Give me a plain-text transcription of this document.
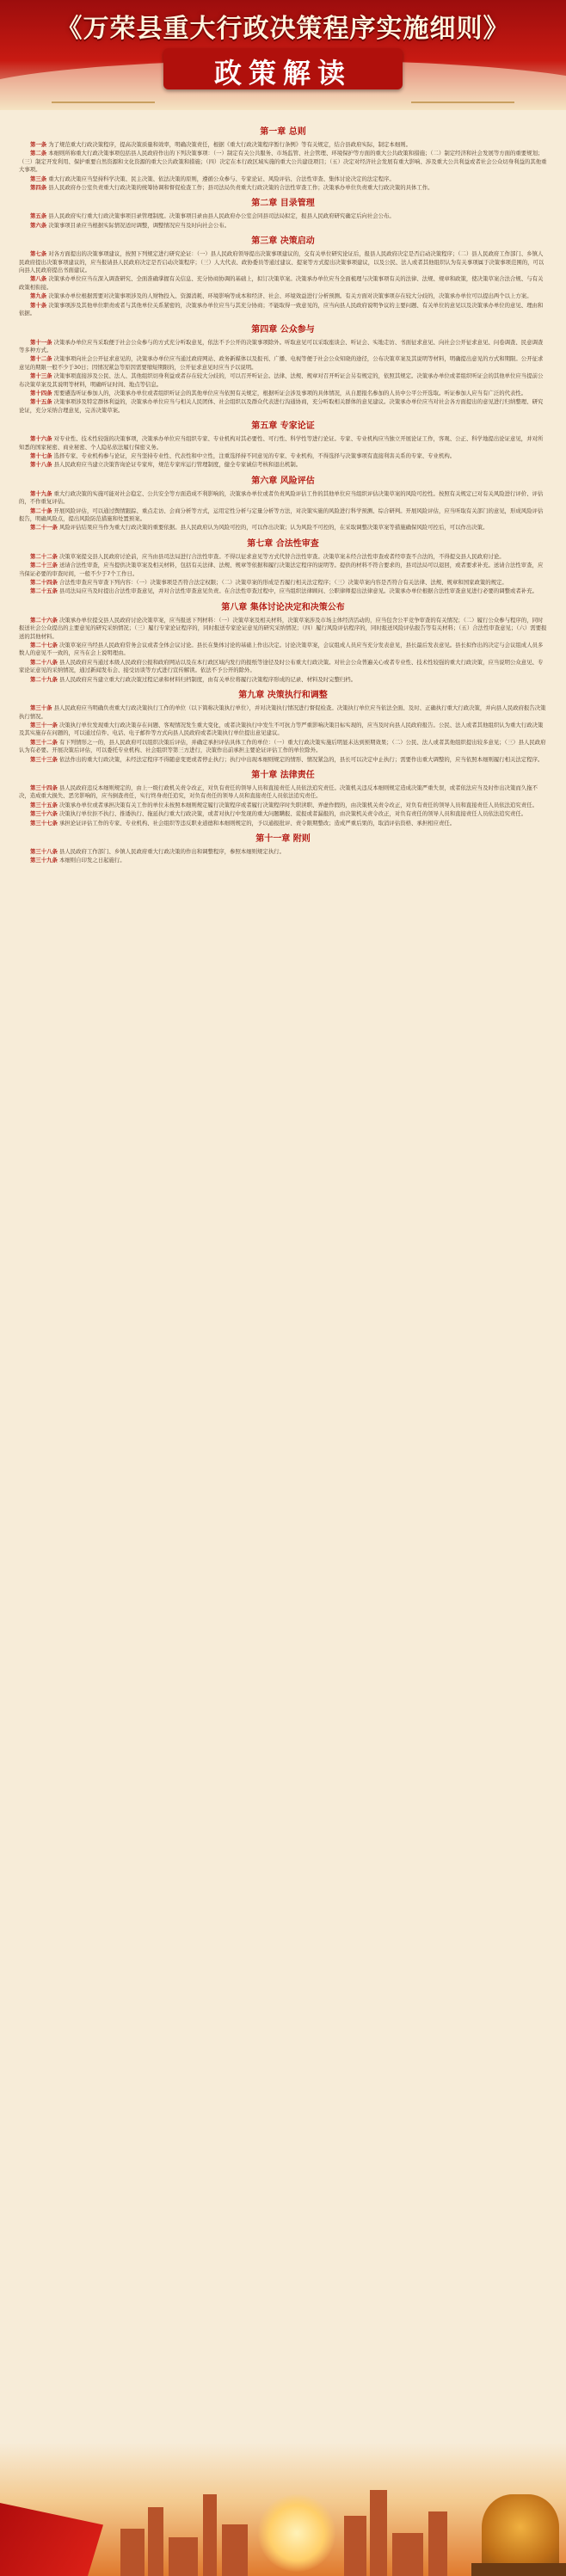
《万荣县重大行政决策程序实施细则》
政策解读
第一章 总则

第一条 为了规范重大行政决策程序，提高决策质量和效率，明确决策责任，根据《重大行政决策程序暂行条例》等有关规定，结合县政府实际，制定本细则。

第二条 本细则所称重大行政决策事项包括县人民政府作出的下列决策事项：（一）制定有关公共服务、市场监管、社会管理、环境保护等方面的重大公共政策和措施；（二）制定经济和社会发展等方面的重要规划；（三）制定开发利用、保护重要自然资源和文化资源的重大公共政策和措施；（四）决定在本行政区域实施的重大公共建设项目；（五）决定对经济社会发展有重大影响、涉及重大公共利益或者社会公众切身利益的其他重大事项。

第三条 重大行政决策应当坚持科学决策、民主决策、依法决策的原则，遵循公众参与、专家论证、风险评估、合法性审查、集体讨论决定的法定程序。

第四条 县人民政府办公室负责重大行政决策的统筹协调和督促检查工作；县司法局负责重大行政决策的合法性审查工作；决策承办单位负责重大行政决策的具体工作。

第二章 目录管理

第五条 县人民政府实行重大行政决策事项目录管理制度。决策事项目录由县人民政府办公室会同县司法局拟定，报县人民政府研究确定后向社会公布。

第六条 决策事项目录应当根据实际情况适时调整，调整情况应当及时向社会公布。

第三章 决策启动

第七条 对各方面提出的决策事项建议，按照下列规定进行研究论证：（一）县人民政府领导提出决策事项建议的，交有关单位研究论证后，报县人民政府决定是否启动决策程序；（二）县人民政府工作部门、乡镇人民政府提出决策事项建议的，应当报请县人民政府决定是否启动决策程序；（三）人大代表、政协委员等通过建议、提案等方式提出决策事项建议，以及公民、法人或者其他组织认为有关事项属于决策事项范围的，可以向县人民政府提出书面建议。

第八条 决策承办单位应当在深入调查研究、全面准确掌握有关信息、充分协商协调的基础上，拟订决策草案。决策承办单位应当全面梳理与决策事项有关的法律、法规、规章和政策，使决策草案合法合规、与有关政策相衔接。

第九条 决策承办单位根据需要对决策事项涉及的人财物投入、资源消耗、环境影响等成本和经济、社会、环境效益进行分析预测。有关方面对决策事项存在较大分歧的，决策承办单位可以提出两个以上方案。

第十条 决策事项涉及其他单位职责或者与其他单位关系紧密的，决策承办单位应当与其充分协商；不能取得一致意见的，应当向县人民政府说明争议的主要问题、有关单位的意见以及决策承办单位的意见、理由和依据。

第四章 公众参与

第十一条 决策承办单位应当采取便于社会公众参与的方式充分听取意见，依法不予公开的决策事项除外。听取意见可以采取座谈会、听证会、实地走访、书面征求意见、向社会公开征求意见、问卷调查、民意调查等多种方式。

第十二条 决策事项向社会公开征求意见的，决策承办单位应当通过政府网站、政务新媒体以及报刊、广播、电视等便于社会公众知晓的途径，公布决策草案及其说明等材料，明确提出意见的方式和期限。公开征求意见的期限一般不少于30日；因情况紧急等原因需要缩短期限的，公开征求意见时应当予以说明。

第十三条 决策事项直接涉及公民、法人、其他组织切身利益或者存在较大分歧的，可以召开听证会。法律、法规、规章对召开听证会另有规定的，依照其规定。决策承办单位或者组织听证会的其他单位应当提前公布决策草案及其说明等材料，明确听证时间、地点等信息。

第十四条 需要遴选听证参加人的，决策承办单位或者组织听证会的其他单位应当依照有关规定，根据听证会涉及事项的具体情况，从自愿报名参加的人员中公平公开选取。听证参加人应当有广泛的代表性。

第十五条 决策事项涉及特定群体利益的，决策承办单位应当与相关人民团体、社会组织以及群众代表进行沟通协商，充分听取相关群体的意见建议。决策承办单位应当对社会各方面提出的意见进行归纳整理、研究论证，充分采纳合理意见，完善决策草案。

第五章 专家论证

第十六条 对专业性、技术性较强的决策事项，决策承办单位应当组织专家、专业机构对其必要性、可行性、科学性等进行论证。专家、专业机构应当独立开展论证工作，客观、公正、科学地提出论证意见，并对所知悉的国家秘密、商业秘密、个人隐私依法履行保密义务。

第十七条 选择专家、专业机构参与论证，应当坚持专业性、代表性和中立性，注重选择持不同意见的专家、专业机构，不得选择与决策事项有直接利害关系的专家、专业机构。

第十八条 县人民政府应当建立决策咨询论证专家库，规范专家库运行管理制度，健全专家诚信考核和退出机制。

第六章 风险评估

第十九条 重大行政决策的实施可能对社会稳定、公共安全等方面造成不利影响的，决策承办单位或者负责风险评估工作的其他单位应当组织评估决策草案的风险可控性。按照有关规定已对有关风险进行评价、评估的，不作重复评估。

第二十条 开展风险评估，可以通过舆情跟踪、重点走访、会商分析等方式，运用定性分析与定量分析等方法，对决策实施的风险进行科学预测、综合研判。开展风险评估，应当听取有关部门的意见，形成风险评估报告，明确风险点，提出风险防范措施和处置预案。

第二十一条 风险评估结果应当作为重大行政决策的重要依据。县人民政府认为风险可控的，可以作出决策；认为风险不可控的，在采取调整决策草案等措施确保风险可控后，可以作出决策。

第七章 合法性审查

第二十二条 决策草案提交县人民政府讨论前，应当由县司法局进行合法性审查。不得以征求意见等方式代替合法性审查。决策草案未经合法性审查或者经审查不合法的，不得提交县人民政府讨论。

第二十三条 送请合法性审查，应当提供决策草案及相关材料，包括有关法律、法规、规章等依据和履行决策法定程序的说明等。提供的材料不符合要求的，县司法局可以退回，或者要求补充。送请合法性审查，应当保证必要的审查时间，一般不少于7个工作日。

第二十四条 合法性审查应当审查下列内容：（一）决策事项是否符合法定权限；（二）决策草案的形成是否履行相关法定程序；（三）决策草案内容是否符合有关法律、法规、规章和国家政策的规定。

第二十五条 县司法局应当及时提出合法性审查意见，并对合法性审查意见负责。在合法性审查过程中，应当组织法律顾问、公职律师提出法律意见。决策承办单位根据合法性审查意见进行必要的调整或者补充。

第八章 集体讨论决定和决策公布

第二十六条 决策承办单位提交县人民政府讨论决策草案，应当报送下列材料：（一）决策草案及相关材料，决策草案涉及市场主体经济活动的，应当包含公平竞争审查的有关情况；（二）履行公众参与程序的，同时报送社会公众提出的主要意见的研究采纳情况；（三）履行专家论证程序的，同时报送专家论证意见的研究采纳情况；（四）履行风险评估程序的，同时报送风险评估报告等有关材料；（五）合法性审查意见；（六）需要报送的其他材料。

第二十七条 决策草案应当经县人民政府常务会议或者全体会议讨论。县长在集体讨论的基础上作出决定。讨论决策草案，会议组成人员应当充分发表意见，县长最后发表意见。县长拟作出的决定与会议组成人员多数人的意见不一致的，应当在会上说明理由。

第二十八条 县人民政府应当通过本级人民政府公报和政府网站以及在本行政区域内发行的报纸等途径及时公布重大行政决策。对社会公众普遍关心或者专业性、技术性较强的重大行政决策，应当说明公众意见、专家论证意见的采纳情况，通过新闻发布会、接受访谈等方式进行宣传解读。依法不予公开的除外。

第二十九条 县人民政府应当建立重大行政决策过程记录和材料归档制度，由有关单位将履行决策程序形成的记录、材料及时完整归档。

第九章 决策执行和调整

第三十条 县人民政府应当明确负责重大行政决策执行工作的单位（以下简称决策执行单位），并对决策执行情况进行督促检查。决策执行单位应当依法全面、及时、正确执行重大行政决策，并向县人民政府报告决策执行情况。

第三十一条 决策执行单位发现重大行政决策存在问题、客观情况发生重大变化，或者决策执行中发生不可抗力等严重影响决策目标实现的，应当及时向县人民政府报告。公民、法人或者其他组织认为重大行政决策及其实施存在问题的，可以通过信件、电话、电子邮件等方式向县人民政府或者决策执行单位提出意见建议。

第三十二条 有下列情形之一的，县人民政府可以组织决策后评估，并确定承担评估具体工作的单位：（一）重大行政决策实施后明显未达到预期效果；（二）公民、法人或者其他组织提出较多意见；（三）县人民政府认为有必要。开展决策后评估，可以委托专业机构、社会组织等第三方进行，决策作出前承担主要论证评估工作的单位除外。

第三十三条 依法作出的重大行政决策，未经法定程序不得随意变更或者停止执行；执行中出现本细则规定的情形、情况紧急的，县长可以决定中止执行；需要作出重大调整的，应当依照本细则履行相关法定程序。

第十章 法律责任

第三十四条 县人民政府违反本细则规定的，由上一级行政机关责令改正，对负有责任的领导人员和直接责任人员依法追究责任。决策机关违反本细则规定造成决策严重失误，或者依法应当及时作出决策而久拖不决，造成重大损失、恶劣影响的，应当倒查责任，实行终身责任追究，对负有责任的领导人员和直接责任人员依法追究责任。

第三十五条 决策承办单位或者承担决策有关工作的单位未按照本细则规定履行决策程序或者履行决策程序时失职渎职、弄虚作假的，由决策机关责令改正，对负有责任的领导人员和直接责任人员依法追究责任。

第三十六条 决策执行单位拒不执行、推诿执行、拖延执行重大行政决策，或者对执行中发现的重大问题瞒报、谎报或者漏报的，由决策机关责令改正，对负有责任的领导人员和直接责任人员依法追究责任。

第三十七条 承担论证评估工作的专家、专业机构、社会组织等违反职业道德和本细则规定的，予以通报批评、责令限期整改；造成严重后果的，取消评估资格、承担相应责任。

第十一章 附则

第三十八条 县人民政府工作部门、乡镇人民政府重大行政决策的作出和调整程序，参照本细则规定执行。

第三十九条 本细则自印发之日起施行。
